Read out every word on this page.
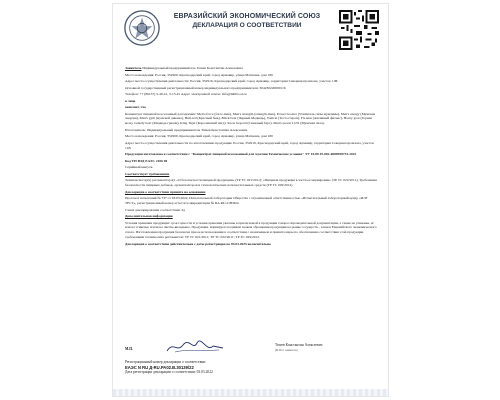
ЕВРАЗИЙСКИЙ ЭКОНОМИЧЕСКИЙ СОЮЗ
ДЕКЛАРАЦИЯ О СООТВЕТСТВИИ

Заявитель Индивидуальный предприниматель Тешев Константин Алексеевич

Место нахождения: Россия, 352900, Краснодарский край, город Армавир, улица Матвеева, дом 180

Адрес места осуществления деятельности: Россия, 352916, Краснодарский край, город Армавир, территория Северная промзона, участок 11В.

Основной государственный регистрационный номер индивидуального предпринимателя: 304230220000116

Телефон: +7 (86137) 5-40-41, 3-13-45 Адрес электронной почты: info@millfood.ru

в лице

заявляет, что

Концентрат пищевой всесезонный для мужчин: Men's force (force-men), Men's strength (strength-men), Power booster (Усилитель силы мужчины), Men's energy (Мужская энергия), Men's gym (мужской динамо), Bull-red (Красный бык), Black bear (Черный Медведь), Tomcat (Тестостерон), Fit-ness (Активный фитнес), Horny goat (Горная коза), Grizzly bear (Медведь гризли), King Tiger (Королевский тигр), Snow leopard (Снежный барс), Men's power LUX (Мужская сила).

Изготовитель: Индивидуальный предприниматель Тешев Константин Алексеевич

Место нахождения: Россия, 352900, Краснодарский край, город Армавир, улица Матвеева, дом 180

Адрес места осуществления деятельности по изготовлению продукции: Россия, 352916, Краснодарский край, город Армавир, территория Северная промзона, участок 11В

Продукция изготовлена в соответствии с "Концентрат пищевой всесезонный для мужчин Технические условия" ТУ 10.89.19-002-0080958733-2022

Код ТН ВЭД ЕАЭС 2106 90

Серийный выпуск.

Соответствует требованиям

Технического(их) регламента(ов): «О безопасности пищевой продукции» (ТР ТС 021/2011); «Пищевая продукция в части ее маркировки» (ТР ТС 022/2011); Требования безопасности пищевых добавок, ароматизаторов и технологических вспомогательных средств (ТР ТС 029/2012)

Декларация о соответствии принята на основании

Протокол испытаний № 737 от 03.03.2022, Испытательной лаборатории Общества с ограниченной ответственностью «Испытательный лабораторный центр «ИЛГ ТЕСТ», регистрационный номер аттестата аккредитации № RA.RU.21НИ24.

Схема декларирования соответствия: 3д

Дополнительная информация

Условия хранения продукции: срок годности и условия хранения указаны в прилагаемой к продукции товаросопроводительной документации, а также на упаковке, и/или на этикетке, и/или на листке-вкладыше. Продукция, маркируется единым знаком обращения продукции на рынке государств - членов Евразийского экономического союза. Изготовленная продукция безопасна при ее использовании в соответствии с назначением и принята меры по обеспечению соответствия этой продукции требованиям технических регламентов: ТР ТС 021/2011; ТР ТС 022/2011; ТР ТС 029/2012.

Декларация о соответствии действительна с даты регистрации по 03.03.2025 включительно

М.П.
Тешев Константин Алексеевич
(Ф.И.О. заявителя)
Регистрационный номер декларации о соответствии:
ЕАЭС N RU Д-RU.РА02.В.30139/22
Дата регистрации декларации о соответствии: 03.03.2022
